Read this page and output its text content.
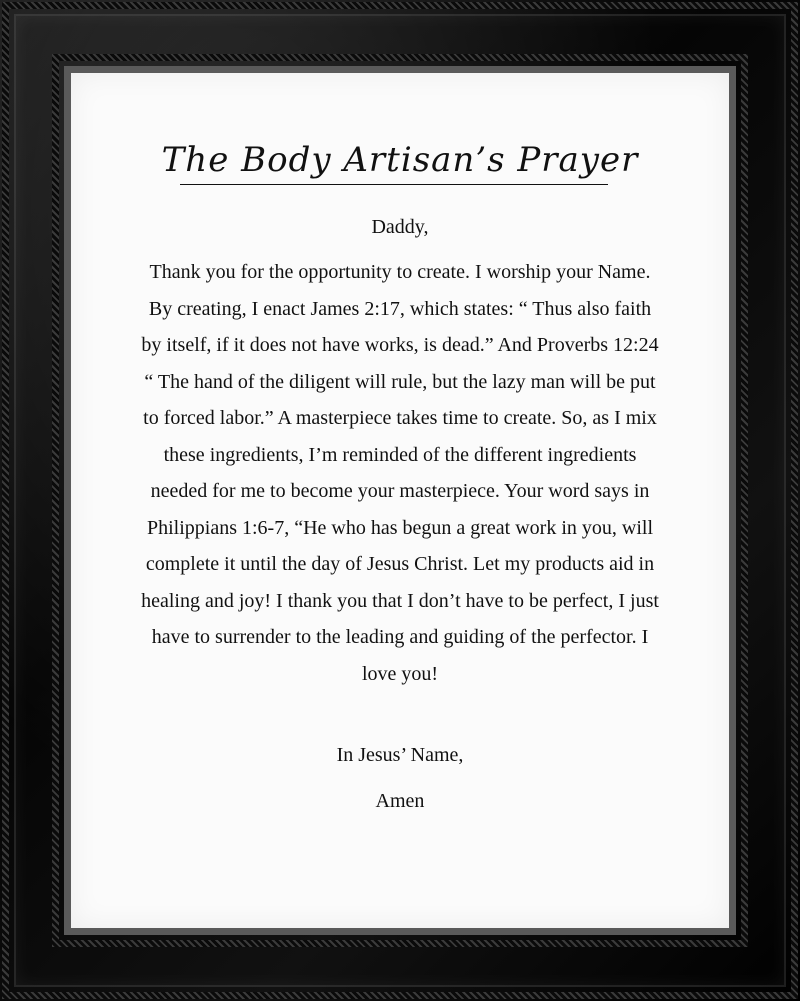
The Body Artisan’s Prayer
Daddy,
Thank you for the opportunity to create. I worship your Name. By creating, I enact James 2:17, which states: “ Thus also faith by itself, if it does not have works, is dead.” And Proverbs 12:24 “ The hand of the diligent will rule, but the lazy man will be put to forced labor.” A masterpiece takes time to create. So, as I mix these ingredients, I’m reminded of the different ingredients needed for me to become your masterpiece. Your word says in Philippians 1:6-7, “He who has begun a great work in you, will complete it until the day of Jesus Christ. Let my products aid in healing and joy! I thank you that I don’t have to be perfect, I just have to surrender to the leading and guiding of the perfector. I love you!
In Jesus’ Name,
Amen
